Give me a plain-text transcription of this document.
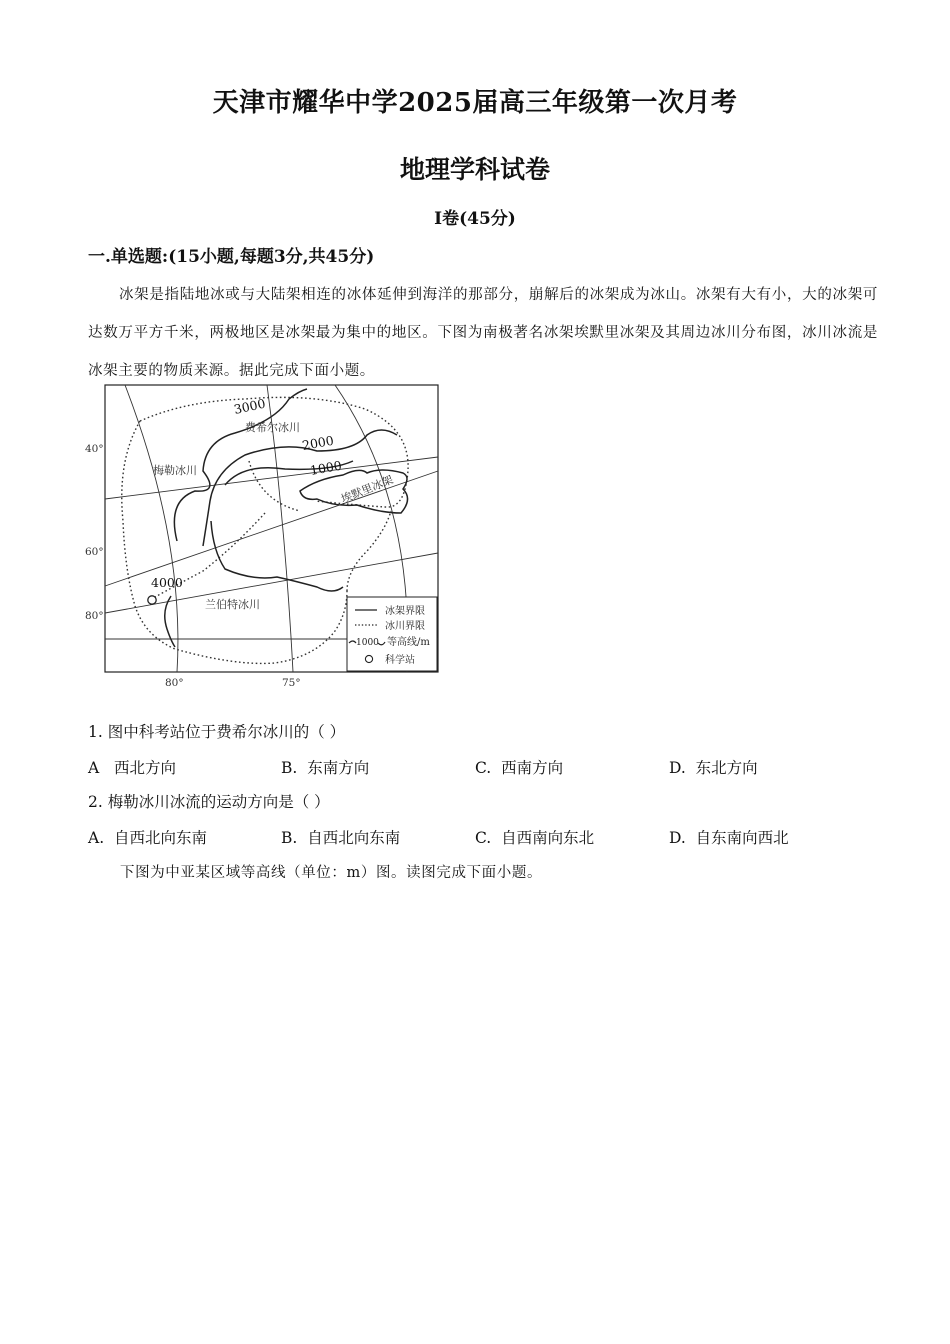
天津市耀华中学2025届高三年级第一次月考
地理学科试卷
Ⅰ卷(45分)
一.单选题:(15小题,每题3分,共45分)
冰架是指陆地冰或与大陆架相连的冰体延伸到海洋的那部分，崩解后的冰架成为冰山。冰架有大有小，大的冰架可达数万平方千米，两极地区是冰架最为集中的地区。下图为南极著名冰架埃默里冰架及其周边冰川分布图，冰川冰流是冰架主要的物质来源。据此完成下面小题。
费希尔冰川
梅勒冰川
兰伯特冰川
埃默里冰架
3000
2000
1000
4000
40°
60°
80°
80°	75°
冰架界限
冰川界限
1000 等高线/m
科学站
1. 图中科考站位于费希尔冰川的（ ）
A 西北方向	B. 东南方向	C. 西南方向	D. 东北方向
2. 梅勒冰川冰流的运动方向是（ ）
A. 自西北向东南	B. 自西北向东南	C. 自西南向东北	D. 自东南向西北
下图为中亚某区域等高线（单位：m）图。读图完成下面小题。
